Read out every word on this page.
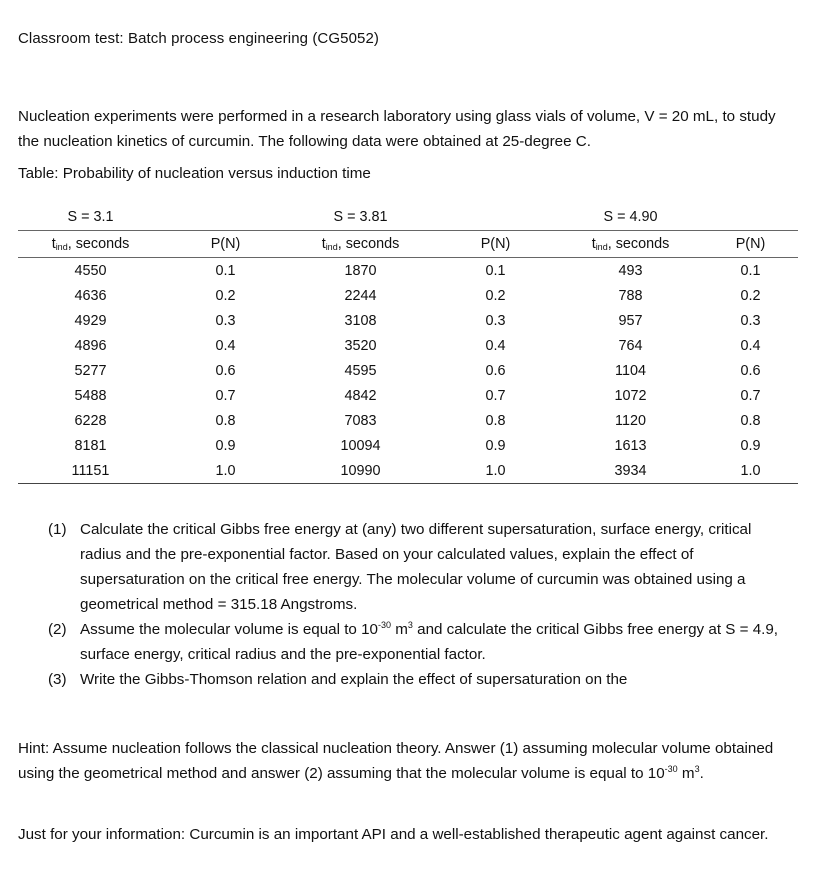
Classroom test: Batch process engineering (CG5052)
Nucleation experiments were performed in a research laboratory using glass vials of volume, V = 20 mL, to study the nucleation kinetics of curcumin. The following data were obtained at 25-degree C.
Table: Probability of nucleation versus induction time
S = 3.1		S = 3.81		S = 4.90	
$t_{ind}$, seconds	P(N)	$t_{ind}$, seconds	P(N)	$t_{ind}$, seconds	P(N)
4550	0.1	1870	0.1	493	0.1
4636	0.2	2244	0.2	788	0.2
4929	0.3	3108	0.3	957	0.3
4896	0.4	3520	0.4	764	0.4
5277	0.6	4595	0.6	1104	0.6
5488	0.7	4842	0.7	1072	0.7
6228	0.8	7083	0.8	1120	0.8
8181	0.9	10094	0.9	1613	0.9
11151	1.0	10990	1.0	3934	1.0
(1) Calculate the critical Gibbs free energy at (any) two different supersaturation, surface energy, critical radius and the pre-exponential factor. Based on your calculated values, explain the effect of supersaturation on the critical free energy. The molecular volume of curcumin was obtained using a geometrical method = 315.18 Angstroms.
(2) Assume the molecular volume is equal to $10^{-30}$ $m^3$ and calculate the critical Gibbs free energy at S = 4.9, surface energy, critical radius and the pre-exponential factor.
(3) Write the Gibbs-Thomson relation and explain the effect of supersaturation on the
Hint: Assume nucleation follows the classical nucleation theory. Answer (1) assuming molecular volume obtained using the geometrical method and answer (2) assuming that the molecular volume is equal to $10^{-30}$ $m^3$.
Just for your information: Curcumin is an important API and a well-established therapeutic agent against cancer.
